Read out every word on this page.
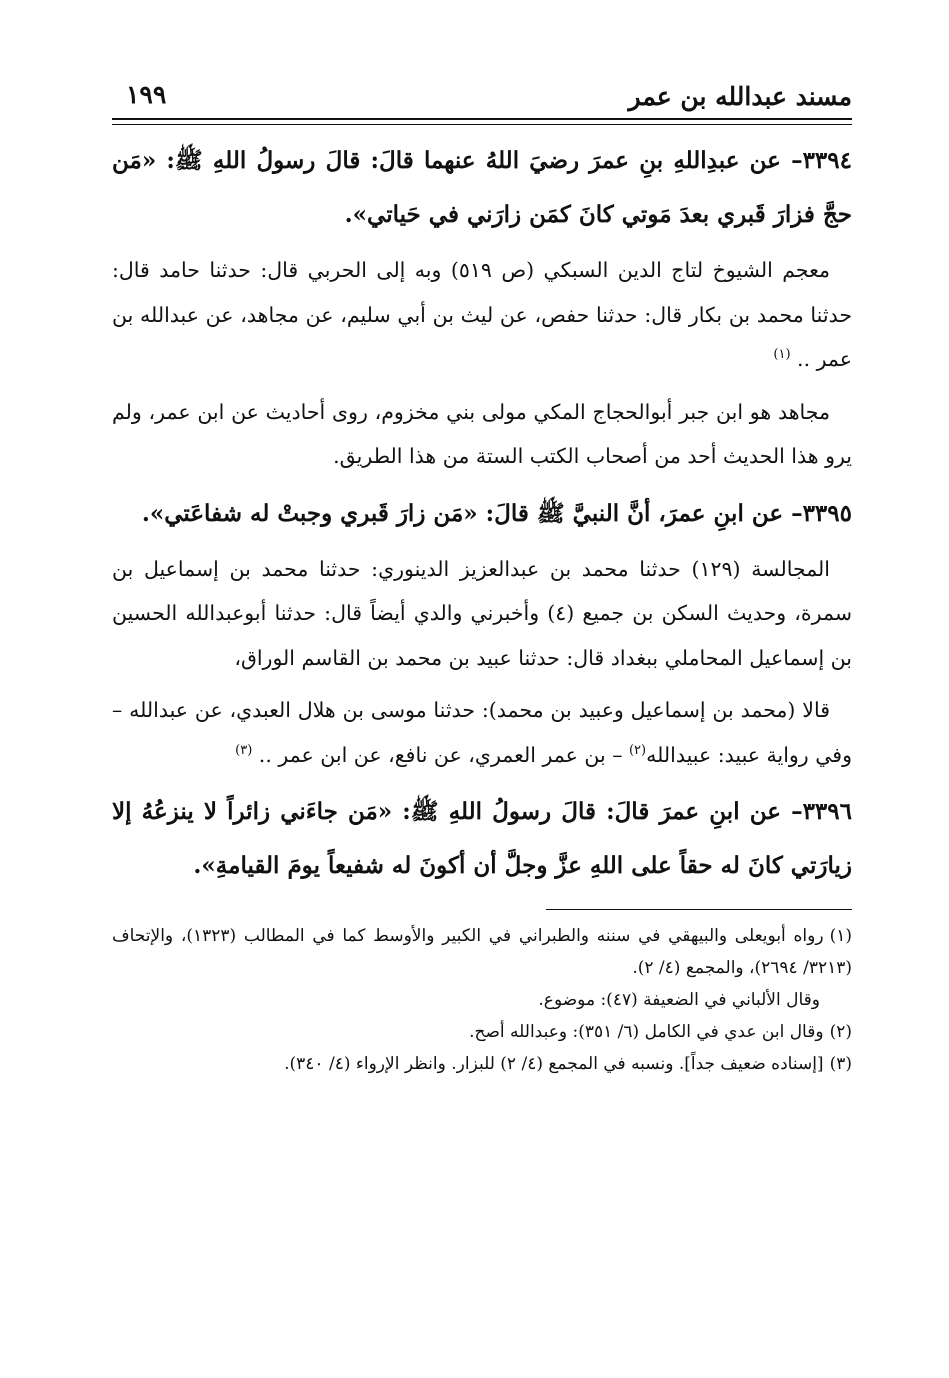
مسند عبدالله بن عمر
١٩٩

٣٣٩٤– عن عبدِاللهِ بنِ عمرَ رضيَ اللهُ عنهما قالَ: قالَ رسولُ اللهِ ﷺ: «مَن حجَّ فزارَ قَبري بعدَ مَوتي كانَ كمَن زارَني في حَياتي».

معجم الشيوخ لتاج الدين السبكي (ص ٥١٩) وبه إلى الحربي قال: حدثنا حامد قال: حدثنا محمد بن بكار قال: حدثنا حفص، عن ليث بن أبي سليم، عن مجاهد، عن عبدالله بن عمر .. $^{(١)}$

مجاهد هو ابن جبر أبوالحجاج المكي مولى بني مخزوم، روى أحاديث عن ابن عمر، ولم يرو هذا الحديث أحد من أصحاب الكتب الستة من هذا الطريق.

٣٣٩٥– عن ابنِ عمرَ، أنَّ النبيَّ ﷺ قالَ: «مَن زارَ قَبري وجبتْ له شفاعَتي».

المجالسة (١٢٩) حدثنا محمد بن عبدالعزيز الدينوري: حدثنا محمد بن إسماعيل بن سمرة، وحديث السكن بن جميع (٤) وأخبرني والدي أيضاً قال: حدثنا أبوعبدالله الحسين بن إسماعيل المحاملي ببغداد قال: حدثنا عبيد بن محمد بن القاسم الوراق،

قالا (محمد بن إسماعيل وعبيد بن محمد): حدثنا موسى بن هلال العبدي، عن عبدالله – وفي رواية عبيد: عبيدالله$^{(٢)}$ – بن عمر العمري، عن نافع، عن ابن عمر .. $^{(٣)}$

٣٣٩٦– عن ابنِ عمرَ قالَ: قالَ رسولُ اللهِ ﷺ: «مَن جاءَني زائراً لا ينزعُهُ إلا زيارَتي كانَ له حقاً على اللهِ عزَّ وجلَّ أن أكونَ له شفيعاً يومَ القيامةِ».

(١)رواه أبويعلى والبيهقي في سننه والطبراني في الكبير والأوسط كما في المطالب (١٣٢٣)، والإتحاف (٣٢١٣/ ٢٦٩٤)، والمجمع (٤/ ٢).

وقال الألباني في الضعيفة (٤٧): موضوع.

(٢)وقال ابن عدي في الكامل (٦/ ٣٥١): وعبدالله أصح.

(٣)[إسناده ضعيف جداً]. ونسبه في المجمع (٤/ ٢) للبزار. وانظر الإرواء (٤/ ٣٤٠).
